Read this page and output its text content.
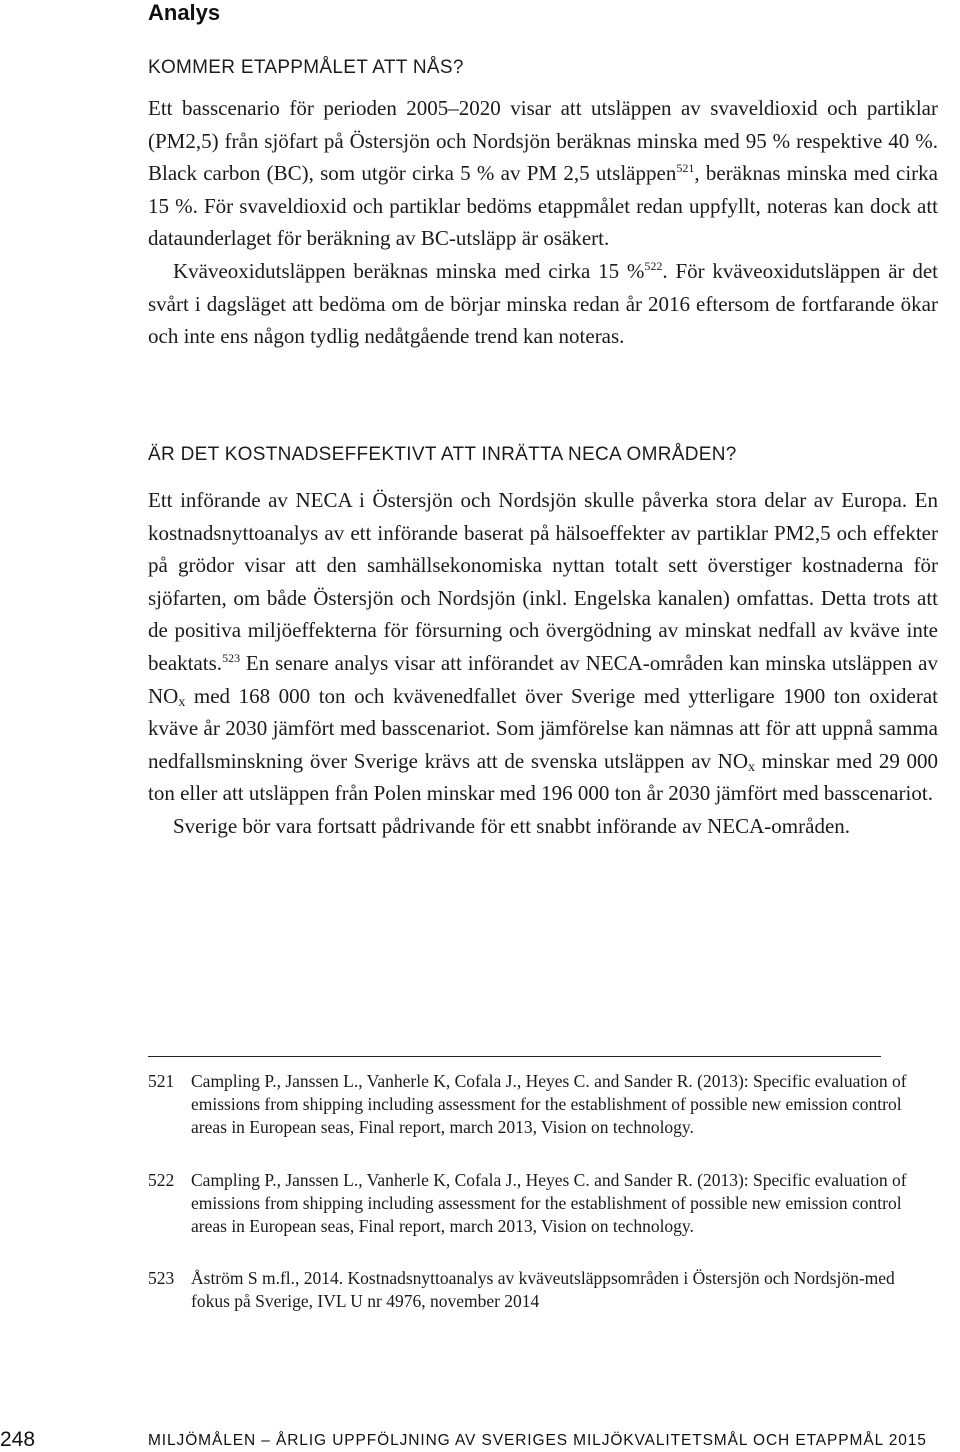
Analys
KOMMER ETAPPMÅLET ATT NÅS?

Ett basscenario för perioden 2005–2020 visar att utsläppen av svaveldioxid och partiklar (PM2,5) från sjöfart på Östersjön och Nordsjön beräknas minska med 95 % respektive 40 %. Black carbon (BC), som utgör cirka 5 % av PM 2,5 utsläppen$^{521}$, beräknas minska med cirka 15 %. För svaveldioxid och partiklar bedöms etappmålet redan uppfyllt, noteras kan dock att dataunderlaget för beräkning av BC-utsläpp är osäkert.

Kväveoxidutsläppen beräknas minska med cirka 15 %$^{522}$. För kväveoxidutsläppen är det svårt i dagsläget att bedöma om de börjar minska redan år 2016 eftersom de fortfarande ökar och inte ens någon tydlig nedåtgående trend kan noteras.

ÄR DET KOSTNADSEFFEKTIVT ATT INRÄTTA NECA OMRÅDEN?

Ett införande av NECA i Östersjön och Nordsjön skulle påverka stora delar av Europa. En kostnadsnyttoanalys av ett införande baserat på hälsoeffekter av partiklar PM2,5 och effekter på grödor visar att den samhällsekonomiska nyttan totalt sett överstiger kostnaderna för sjöfarten, om både Östersjön och Nordsjön (inkl. Engelska kanalen) omfattas. Detta trots att de positiva miljöeffekterna för försurning och övergödning av minskat nedfall av kväve inte beaktats.$^{523}$ En senare analys visar att införandet av NECA-områden kan minska utsläppen av $NO_x$ med 168 000 ton och kvävenedfallet över Sverige med ytterligare 1900 ton oxiderat kväve år 2030 jämfört med basscenariot. Som jämförelse kan nämnas att för att uppnå samma nedfallsminskning över Sverige krävs att de svenska utsläppen av $NO_x$ minskar med 29 000 ton eller att utsläppen från Polen minskar med 196 000 ton år 2030 jämfört med basscenariot.

Sverige bör vara fortsatt pådrivande för ett snabbt införande av NECA-områden.

521 Campling P., Janssen L., Vanherle K, Cofala J., Heyes C. and Sander R. (2013): Specific evaluation of emissions from shipping including assessment for the establishment of possible new emission control areas in European seas, Final report, march 2013, Vision on technology.
522 Campling P., Janssen L., Vanherle K, Cofala J., Heyes C. and Sander R. (2013): Specific evaluation of emissions from shipping including assessment for the establishment of possible new emission control areas in European seas, Final report, march 2013, Vision on technology.
523 Åström S m.fl., 2014. Kostnadsnyttoanalys av kväveutsläppsområden i Östersjön och Nordsjön-med fokus på Sverige, IVL U nr 4976, november 2014
248	MILJÖMÅLEN – ÅRLIG UPPFÖLJNING AV SVERIGES MILJÖKVALITETSMÅL OCH ETAPPMÅL 2015
